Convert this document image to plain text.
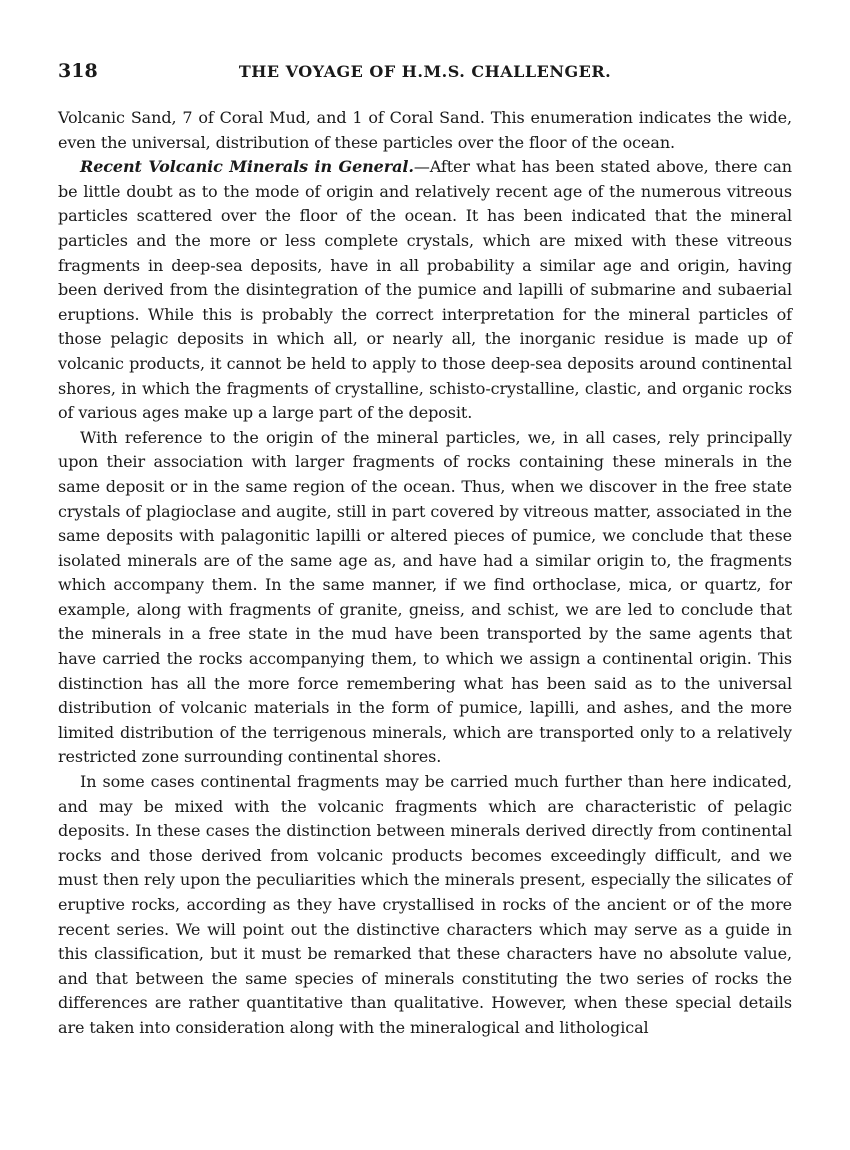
318	THE VOYAGE OF H.M.S. CHALLENGER.

Volcanic Sand, 7 of Coral Mud, and 1 of Coral Sand. This enumeration indicates the wide, even the universal, distribution of these particles over the floor of the ocean.

Recent Volcanic Minerals in General.—After what has been stated above, there can be little doubt as to the mode of origin and relatively recent age of the numerous vitreous particles scattered over the floor of the ocean. It has been indicated that the mineral particles and the more or less complete crystals, which are mixed with these vitreous fragments in deep-sea deposits, have in all probability a similar age and origin, having been derived from the disintegration of the pumice and lapilli of submarine and subaerial eruptions. While this is probably the correct interpretation for the mineral particles of those pelagic deposits in which all, or nearly all, the inorganic residue is made up of volcanic products, it cannot be held to apply to those deep-sea deposits around continental shores, in which the fragments of crystalline, schisto-crystalline, clastic, and organic rocks of various ages make up a large part of the deposit.

With reference to the origin of the mineral particles, we, in all cases, rely principally upon their association with larger fragments of rocks containing these minerals in the same deposit or in the same region of the ocean. Thus, when we discover in the free state crystals of plagioclase and augite, still in part covered by vitreous matter, associated in the same deposits with palagonitic lapilli or altered pieces of pumice, we conclude that these isolated minerals are of the same age as, and have had a similar origin to, the fragments which accompany them. In the same manner, if we find orthoclase, mica, or quartz, for example, along with fragments of granite, gneiss, and schist, we are led to conclude that the minerals in a free state in the mud have been transported by the same agents that have carried the rocks accompanying them, to which we assign a continental origin. This distinction has all the more force remembering what has been said as to the universal distribution of volcanic materials in the form of pumice, lapilli, and ashes, and the more limited distribution of the terrigenous minerals, which are transported only to a relatively restricted zone surrounding continental shores.

In some cases continental fragments may be carried much further than here indicated, and may be mixed with the volcanic fragments which are characteristic of pelagic deposits. In these cases the distinction between minerals derived directly from continental rocks and those derived from volcanic products becomes exceedingly difficult, and we must then rely upon the peculiarities which the minerals present, especially the silicates of eruptive rocks, according as they have crystallised in rocks of the ancient or of the more recent series. We will point out the distinctive characters which may serve as a guide in this classification, but it must be remarked that these characters have no absolute value, and that between the same species of minerals constituting the two series of rocks the differences are rather quantitative than qualitative. However, when these special details are taken into consideration along with the mineralogical and lithological
